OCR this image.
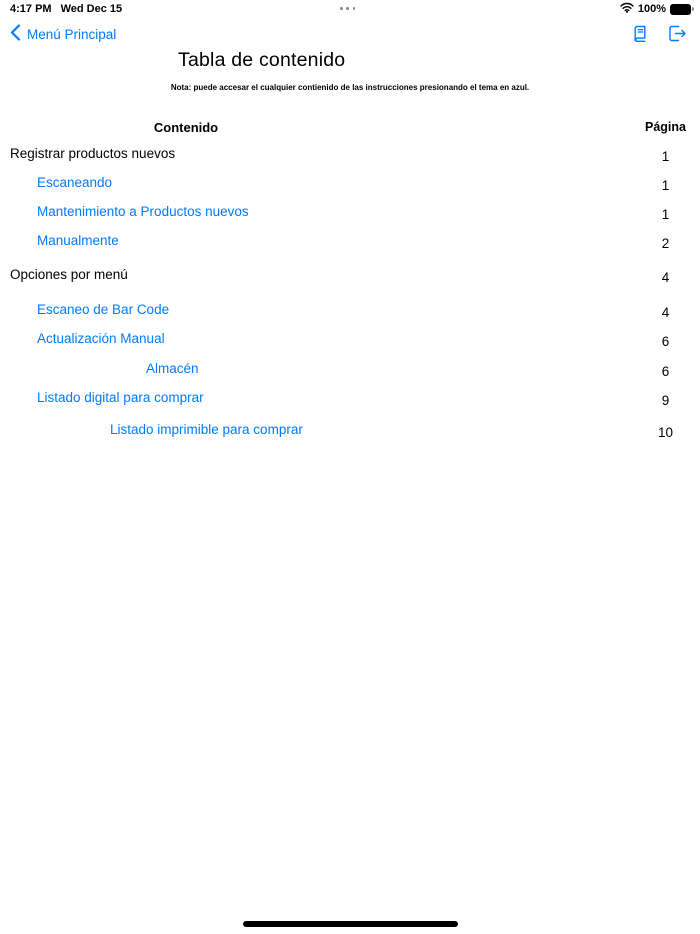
4:17 PM Wed Dec 15	100%
Menú Principal
Tabla de contenido
Nota: puede accesar el cualquier contienido de las instrucciones presionando el tema en azul.
Contenido	Página
Registrar productos nuevos	1
Escaneando	1
Mantenimiento a Productos nuevos	1
Manualmente	2
Opciones por menú	4
Escaneo de Bar Code	4
Actualización Manual	6
Almacén	6
Listado digital para comprar	9
Listado imprimible para comprar	10
